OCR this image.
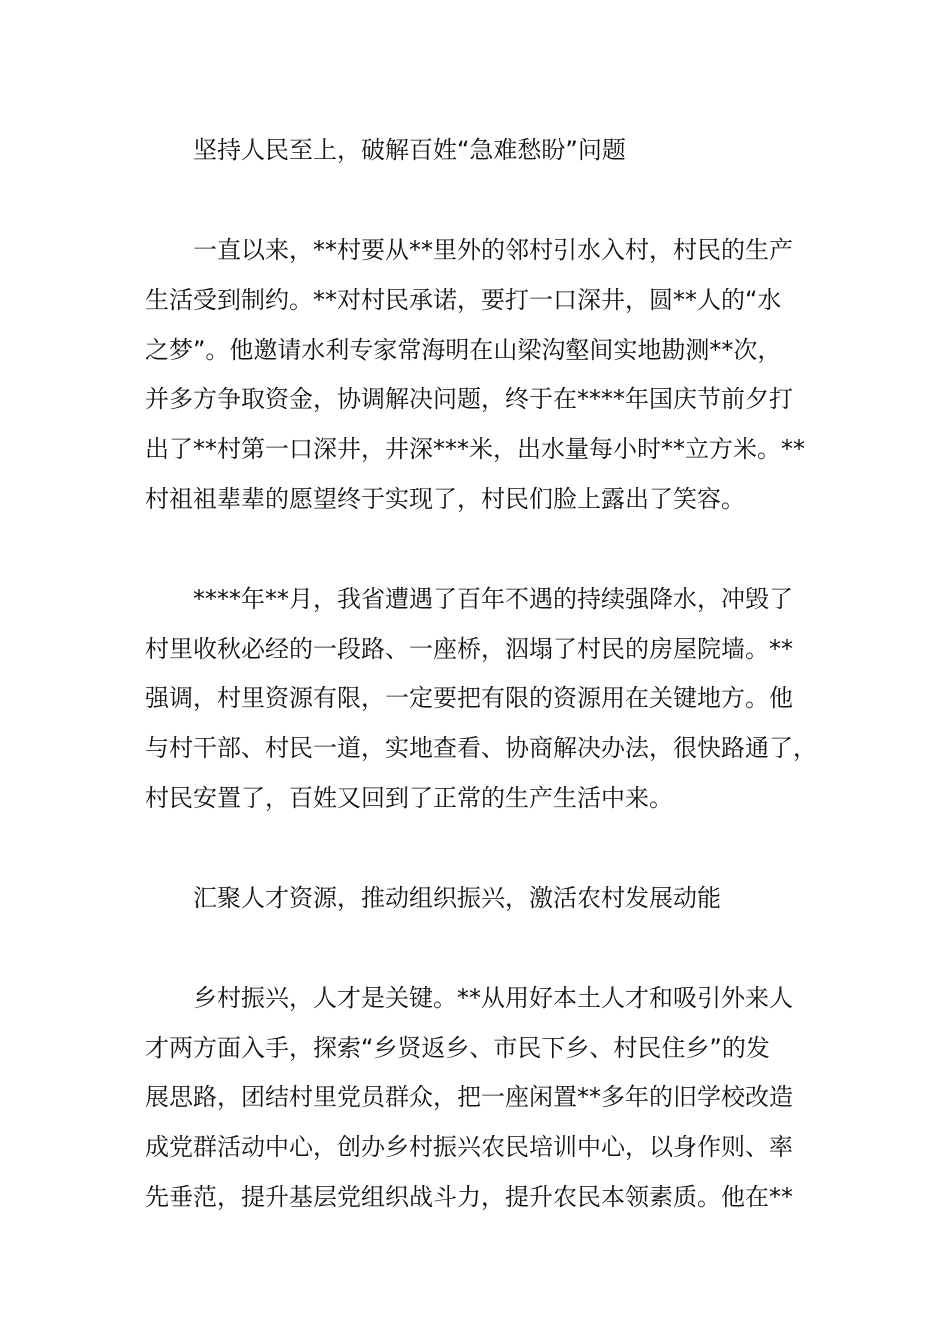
坚持人民至上，破解百姓“急难愁盼”问题

一直以来，**村要从**里外的邻村引水入村，村民的生产

生活受到制约。**对村民承诺，要打一口深井，圆**人的“水

之梦”。他邀请水利专家常海明在山梁沟壑间实地勘测**次，

并多方争取资金，协调解决问题，终于在****年国庆节前夕打

出了**村第一口深井，井深***米，出水量每小时**立方米。**

村祖祖辈辈的愿望终于实现了，村民们脸上露出了笑容。

****年**月，我省遭遇了百年不遇的持续强降水，冲毁了

村里收秋必经的一段路、一座桥，泅塌了村民的房屋院墙。**

强调，村里资源有限，一定要把有限的资源用在关键地方。他

与村干部、村民一道，实地查看、协商解决办法，很快路通了，

村民安置了，百姓又回到了正常的生产生活中来。

汇聚人才资源，推动组织振兴，激活农村发展动能

乡村振兴，人才是关键。**从用好本土人才和吸引外来人

才两方面入手，探索“乡贤返乡、市民下乡、村民住乡”的发

展思路，团结村里党员群众，把一座闲置**多年的旧学校改造

成党群活动中心，创办乡村振兴农民培训中心，以身作则、率

先垂范，提升基层党组织战斗力，提升农民本领素质。他在**
